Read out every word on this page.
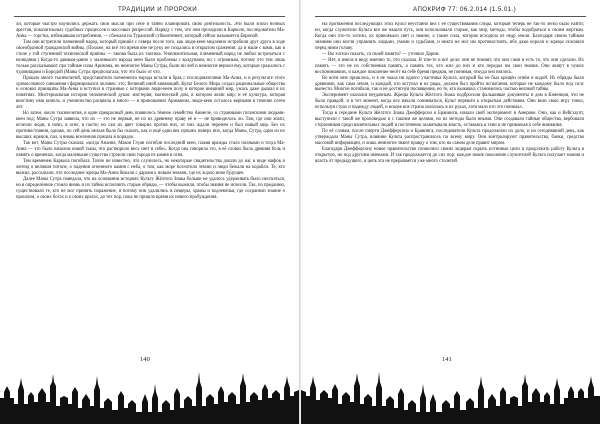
ТРАДИЦИИ И ПРОРОКИ

ли, которые быстро научились держать свои мысли при себе и тайно планировать свою деятельность. Эти были эпохи ночных арестов, показательных судебных процессов и массовых репрессий. Наряду с тем, что они проходили в Карколе, последователи Ма-Анна — горстка, избежавшая истребления, — сбежали на Туранский субконтинент, который сейчас называется Европой.

Там они встретили племенной народ, который пришёл с севера после того, как люди-кеен медленно истребили друг друга в ходе своеобразной гражданской войны. (Похоже, на всё это время вне не руку не создались в открытом сражении: да и наше с вами, как в стиле у той ступенной технической приёмы — такова была их тактика. Уничижительная, племенный народ не любил встречаться с нелюдями.) Когда-то давным-давно у маленького народа кеен были проблемы с колдунами, но с огромным, потому что тем лишь только рассказывают про тайные силы Аримана, но немногие Маны Сутры, были ни чей и немногие верили ему, которые сражались с чудовищами и Бородой (Маны Сутра предполагала, что это было от что.

Прошло много тысячелетий, представители племенного народа встали в брак с последователями Ма-Анна, и в результате этого хромосомного смешения сформировался человек: это; Великий иной кивающий. Культ Белого Мира создал рациональные общества и основал принципы Ма-Анна и вступил в странные с которыми люди-кеен полу в которое внешний мир, ужась даже дышал в их понятиях. Мистериальная история человеческой души: мистерия; магический дом, в котором жили мир; и её культура, которая воистину ими кипела, и ученичество расцвела и много — в приношении Ариманом, люди-кеен осталось верными в течение сотен лет.

Но затем, около тысячелетия, в один прекрасный день появилось тёмное семейство Аюмеле, со странными гиганскими людьми-кеен под; Маны Сутра заявила, что их — это не первые, не по их древнему праву её и — не привиделось ли. Там, где они жили, исчезли люди, в ночи, в огне, в пасти; но сам их цвет говорил против них, от них ждали перемен и был новый мир. Без их противостояния, однако, по сей день нельзя было бы сказать, как и ещё один век прошел поверх них, когда Маны, Сутра, один из их высших жрецов, пал, и вновь вселенная пришла в порядок.

Так вот, Маны Сутры сказала: «когда Ананна, Макон Глуан погибли последний кеен, пламя вражды стало полными и тогда Ма-Анна — это было началом новой тьмы, что растворило весь свет в себе». Когда она говорила это, в её словах была древняя боль и память о временах, когда маленькие существа строили свои города из камня и огня.

Тем временем Каркола погибала. Точно не известно, что случилось, но некоторые свидетельства дошли до нас в виде мифов и легенд о великом потопе, о падении огненного камня с неба, о том, как море поглотило землю и люди бежали на корабли. Те, кто выжил, рассказали, что последние жрецы Ма-Анна бежали с дарами к новым землям, где их ждало иное будущее.

Далее Маны Сутра поведала, что на основании историях Культу Жёлтого Знака больше не удалось удерживать было несгнаться, но в определённое стоило вновь и их тайны исполнить старые обряды, — чтобы выжили, чтобы знания не исчезли. Так, по преданию, существовали те, кто не мог принять поражение, и потому они удалились в пещеры, храмы и подземелья, где сохраняли знание о прошлом, о своих богах и о своих врагах, до тех пор, пока не пришло время их нового пробуждения.

140
АПОКРИФ 77: 06.2.014 (1.5.01.)

На протяжении последующих эпох Культ неустанно вёл с ее существования следы, который теперь не так-то легко было найти; но, когда служители Культа все же нашли путь, они использовали старые, как мир, методы, чтобы подобраться к своим жертвам. Когда они что-то хотели, их привлекало свет и знание, а также сила, которая исходила из недр земли. Благодаря своим тайным знаниям они могли управлять людьми, умами и судьбами, и никто не мог им противостоять, ибо даже короли и жрецы склоняли перед ними голову.

— Вы хотели сказать, со своей памяти? — уточнил Дарин.

— Нет, я имела в виду именно то, что сказала. В том-то и всё дело: они не помнят, что они сами и есть то, что они сделали. Их память — это не их собственная память, а память тех, кто жил до них и кто передал им свои знания. Они живут в чужих воспоминаниях, и каждое поколение несёт на себе бремя предков, не понимая, откуда оно взялось.

Во всём мне пришлось, и я не знала ни одного участника Культа, который бы не был крещён огнём и водой. Их обряды были древними, как сама земля, и каждый, кто вступал в их ряды, должен был пройти испытания, которые не каждому было под силу вынести. Многие погибали, так и не достигнув посвящения, но те, кто выживал, становились частью великой тайны.

Эксперимент оказался неудачным. Жрецы Культа Жёлтого Знака подбросили фальшивые документы и дом в Кэменцов, что не было правдой, и в тот момент, когда все начали сомневаться, Культ перешёл к открытым действиям. Они вели свою игру тонко, используя страх и надежду людей, и вскоре вся страна оказалась в их руках, хотя мало кто это понимал.

Тогда в середине Культа Жёлтого Знака Джефферсон и Бранинги, начали свой эксперимент в Америке. Они, как и Вейсхаупт, выступили с такой же проповедью и с такими же целями, но их методы были иными. Они создавали тайные общества, вербовали сторонников среди влиятельных людей и постепенно захватывали власть, оставаясь в тени и не привлекая к себе внимания.

По её словам, после смерти Джефферсона и Бранинга, последователи Культа продолжили их дело, и на сегодняшний день, как утверждала Маны Сутра, влияние Культа распространилось по всему миру. Они контролируют правительства, банки, средства массовой информации, и лишь немногие знают правду о том, кто на самом деле правит миром.

Благодаря Джефферсону новое правительство позволило своим лидерам скрыть истинные цели и продолжать работу Культа в открытую, но под другими именами. И так продолжается до сих пор: каждое новое поколение служителей Культа получает знания и власть от предыдущего, и цепь эта не прерывается уже много столетий.

141
